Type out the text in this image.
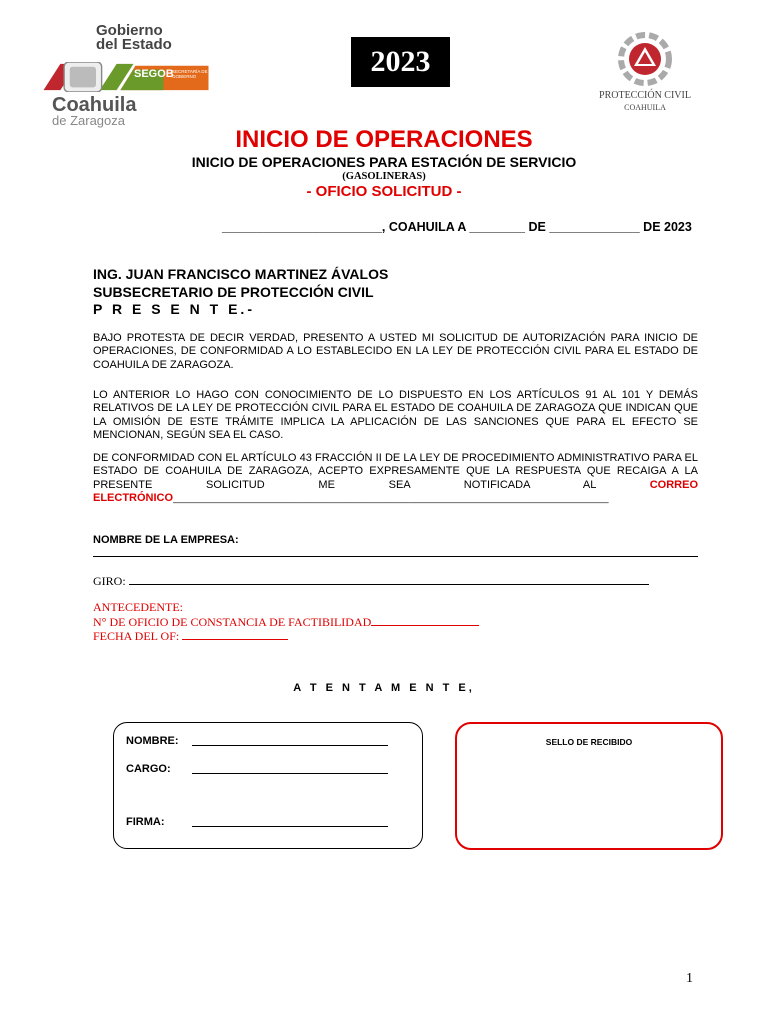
Gobierno
del Estado
SEGOB
SECRETARÍA DE GOBIERNO
Coahuila
de Zaragoza
2023
PROTECCIÓN CIVIL
COAHUILA
INICIO DE OPERACIONES
INICIO DE OPERACIONES PARA ESTACIÓN DE SERVICIO
(GASOLINERAS)
- OFICIO SOLICITUD -
_______________________, COAHUILA A ________ DE _____________ DE 2023
ING. JUAN FRANCISCO MARTINEZ ÁVALOS
SUBSECRETARIO DE PROTECCIÓN CIVIL
P R E S E N T E.-
BAJO PROTESTA DE DECIR VERDAD, PRESENTO A USTED MI SOLICITUD DE AUTORIZACIÓN PARA INICIO DE OPERACIONES, DE CONFORMIDAD A LO ESTABLECIDO EN LA LEY DE PROTECCIÓN CIVIL PARA EL ESTADO DE COAHUILA DE ZARAGOZA.
LO ANTERIOR LO HAGO CON CONOCIMIENTO DE LO DISPUESTO EN LOS ARTÍCULOS 91 AL 101 Y DEMÁS RELATIVOS DE LA LEY DE PROTECCIÓN CIVIL PARA EL ESTADO DE COAHUILA DE ZARAGOZA QUE INDICAN QUE LA OMISIÓN DE ESTE TRÁMITE IMPLICA LA APLICACIÓN DE LAS SANCIONES QUE PARA EL EFECTO SE MENCIONAN, SEGÚN SEA EL CASO.
DE CONFORMIDAD CON EL ARTÍCULO 43 FRACCIÓN II DE LA LEY DE PROCEDIMIENTO ADMINISTRATIVO PARA EL ESTADO DE COAHUILA DE ZARAGOZA, ACEPTO EXPRESAMENTE QUE LA RESPUESTA QUE RECAIGA A LA PRESENTE SOLICITUD ME SEA NOTIFICADA AL CORREO ELECTRÓNICO_______________________________________________________________________________________
NOMBRE DE LA EMPRESA:
GIRO:
ANTECEDENTE:
N° DE OFICIO DE CONSTANCIA DE FACTIBILIDAD
FECHA DEL OF:
A T E N T A M E N T E,
NOMBRE:
CARGO:
FIRMA:
SELLO DE RECIBIDO
1
